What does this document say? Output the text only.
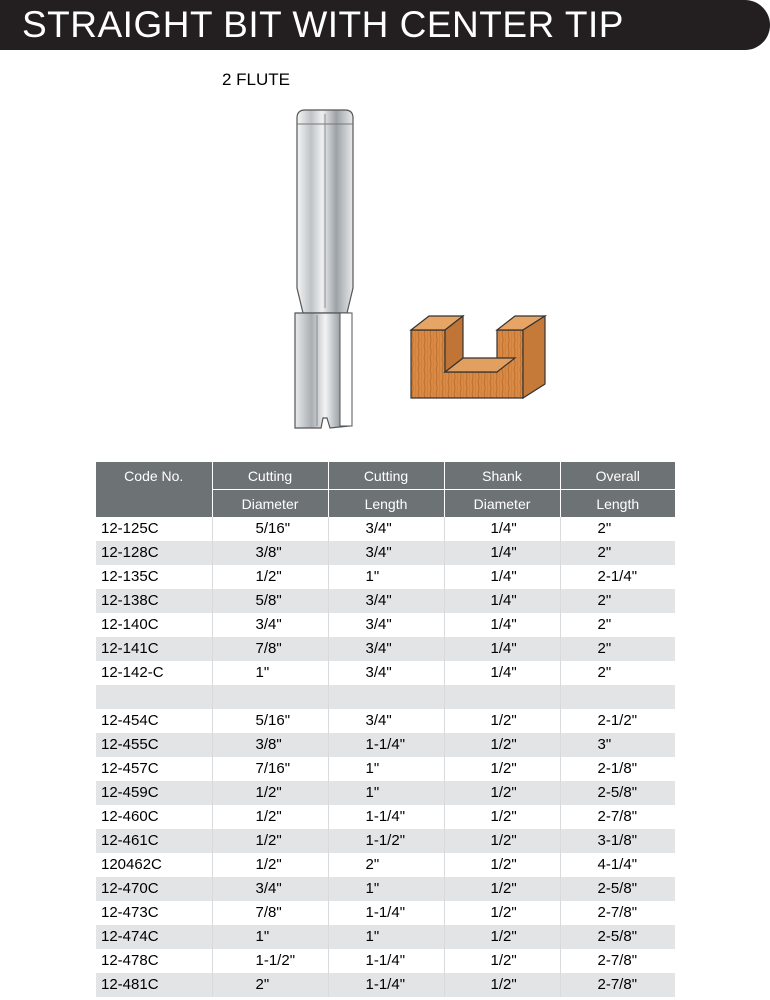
STRAIGHT BIT WITH CENTER TIP
2 FLUTE
Code No.	Cutting	Cutting	Shank	Overall
	Diameter	Length	Diameter	Length
12-125C	5/16"	3/4"	1/4"	2"
12-128C	3/8"	3/4"	1/4"	2"
12-135C	1/2"	1"	1/4"	2-1/4"
12-138C	5/8"	3/4"	1/4"	2"
12-140C	3/4"	3/4"	1/4"	2"
12-141C	7/8"	3/4"	1/4"	2"
12-142-C	1"	3/4"	1/4"	2"

12-454C	5/16"	3/4"	1/2"	2-1/2"
12-455C	3/8"	1-1/4"	1/2"	3"
12-457C	7/16"	1"	1/2"	2-1/8"
12-459C	1/2"	1"	1/2"	2-5/8"
12-460C	1/2"	1-1/4"	1/2"	2-7/8"
12-461C	1/2"	1-1/2"	1/2"	3-1/8"
120462C	1/2"	2"	1/2"	4-1/4"
12-470C	3/4"	1"	1/2"	2-5/8"
12-473C	7/8"	1-1/4"	1/2"	2-7/8"
12-474C	1"	1"	1/2"	2-5/8"
12-478C	1-1/2"	1-1/4"	1/2"	2-7/8"
12-481C	2"	1-1/4"	1/2"	2-7/8"
